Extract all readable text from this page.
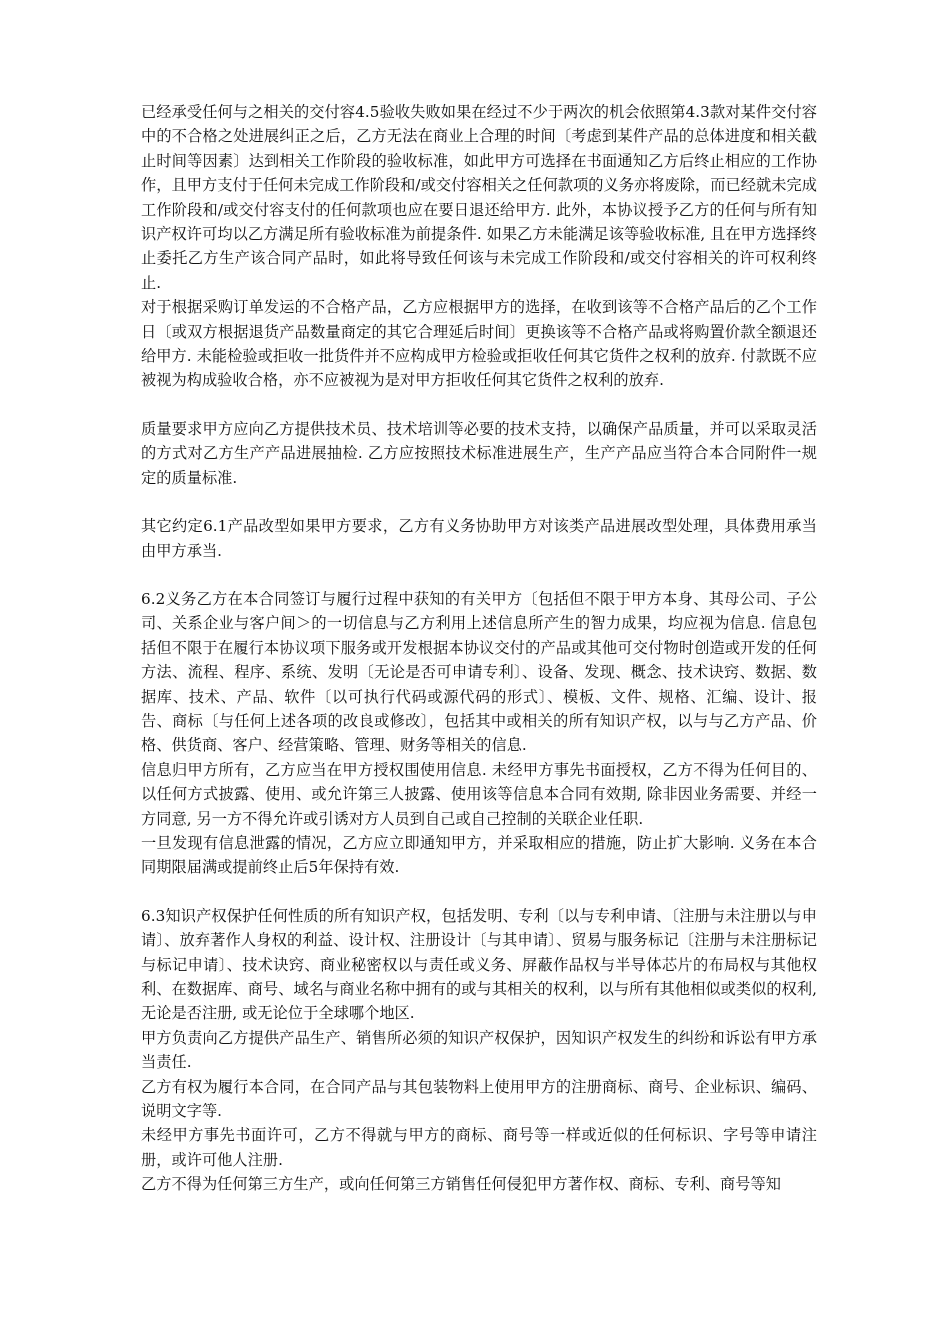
已经承受任何与之相关的交付容4.5验收失败如果在经过不少于两次的机会依照第4.3款对某件交付容中的不合格之处进展纠正之后，乙方无法在商业上合理的时间〔考虑到某件产品的总体进度和相关截止时间等因素〕达到相关工作阶段的验收标准，如此甲方可选择在书面通知乙方后终止相应的工作协作，且甲方支付于任何未完成工作阶段和/或交付容相关之任何款项的义务亦将废除，而已经就未完成工作阶段和/或交付容支付的任何款项也应在要日退还给甲方. 此外，本协议授予乙方的任何与所有知识产权许可均以乙方满足所有验收标准为前提条件. 如果乙方未能满足该等验收标准, 且在甲方选择终止委托乙方生产该合同产品时，如此将导致任何该与未完成工作阶段和/或交付容相关的许可权利终止.

对于根据采购订单发运的不合格产品，乙方应根据甲方的选择，在收到该等不合格产品后的乙个工作日〔或双方根据退货产品数量商定的其它合理延后时间〕更换该等不合格产品或将购置价款全额退还给甲方. 未能检验或拒收一批货件并不应构成甲方检验或拒收任何其它货件之权利的放弃. 付款既不应被视为构成验收合格，亦不应被视为是对甲方拒收任何其它货件之权利的放弃.

质量要求甲方应向乙方提供技术员、技术培训等必要的技术支持，以确保产品质量，并可以采取灵活的方式对乙方生产产品进展抽检. 乙方应按照技术标准进展生产，生产产品应当符合本合同附件一规定的质量标准.

其它约定6.1产品改型如果甲方要求，乙方有义务协助甲方对该类产品进展改型处理，具体费用承当由甲方承当.

6.2义务乙方在本合同签订与履行过程中获知的有关甲方〔包括但不限于甲方本身、其母公司、子公司、关系企业与客户间＞的一切信息与乙方利用上述信息所产生的智力成果，均应视为信息. 信息包括但不限于在履行本协议项下服务或开发根据本协议交付的产品或其他可交付物时创造或开发的任何方法、流程、程序、系统、发明〔无论是否可申请专利〕、设备、发现、概念、技术诀窍、数据、数据库、技术、产品、软件〔以可执行代码或源代码的形式〕、模板、文件、规格、汇编、设计、报告、商标〔与任何上述各项的改良或修改〕，包括其中或相关的所有知识产权，以与与乙方产品、价格、供货商、客户、经营策略、管理、财务等相关的信息.

信息归甲方所有，乙方应当在甲方授权围使用信息. 未经甲方事先书面授权，乙方不得为任何目的、以任何方式披露、使用、或允许第三人披露、使用该等信息本合同有效期, 除非因业务需要、并经一方同意, 另一方不得允许或引诱对方人员到自己或自己控制的关联企业任职.

一旦发现有信息泄露的情况，乙方应立即通知甲方，并采取相应的措施，防止扩大影响. 义务在本合同期限届满或提前终止后5年保持有效.

6.3知识产权保护任何性质的所有知识产权，包括发明、专利〔以与专利申请、〔注册与未注册以与申请〕、放弃著作人身权的利益、设计权、注册设计〔与其申请〕、贸易与服务标记〔注册与未注册标记与标记申请〕、技术诀窍、商业秘密权以与责任或义务、屏蔽作品权与半导体芯片的布局权与其他权利、在数据库、商号、域名与商业名称中拥有的或与其相关的权利，以与所有其他相似或类似的权利, 无论是否注册, 或无论位于全球哪个地区.

甲方负责向乙方提供产品生产、销售所必须的知识产权保护，因知识产权发生的纠纷和诉讼有甲方承当责任.

乙方有权为履行本合同，在合同产品与其包装物料上使用甲方的注册商标、商号、企业标识、编码、说明文字等.

未经甲方事先书面许可，乙方不得就与甲方的商标、商号等一样或近似的任何标识、字号等申请注册，或许可他人注册.

乙方不得为任何第三方生产，或向任何第三方销售任何侵犯甲方著作权、商标、专利、商号等知
